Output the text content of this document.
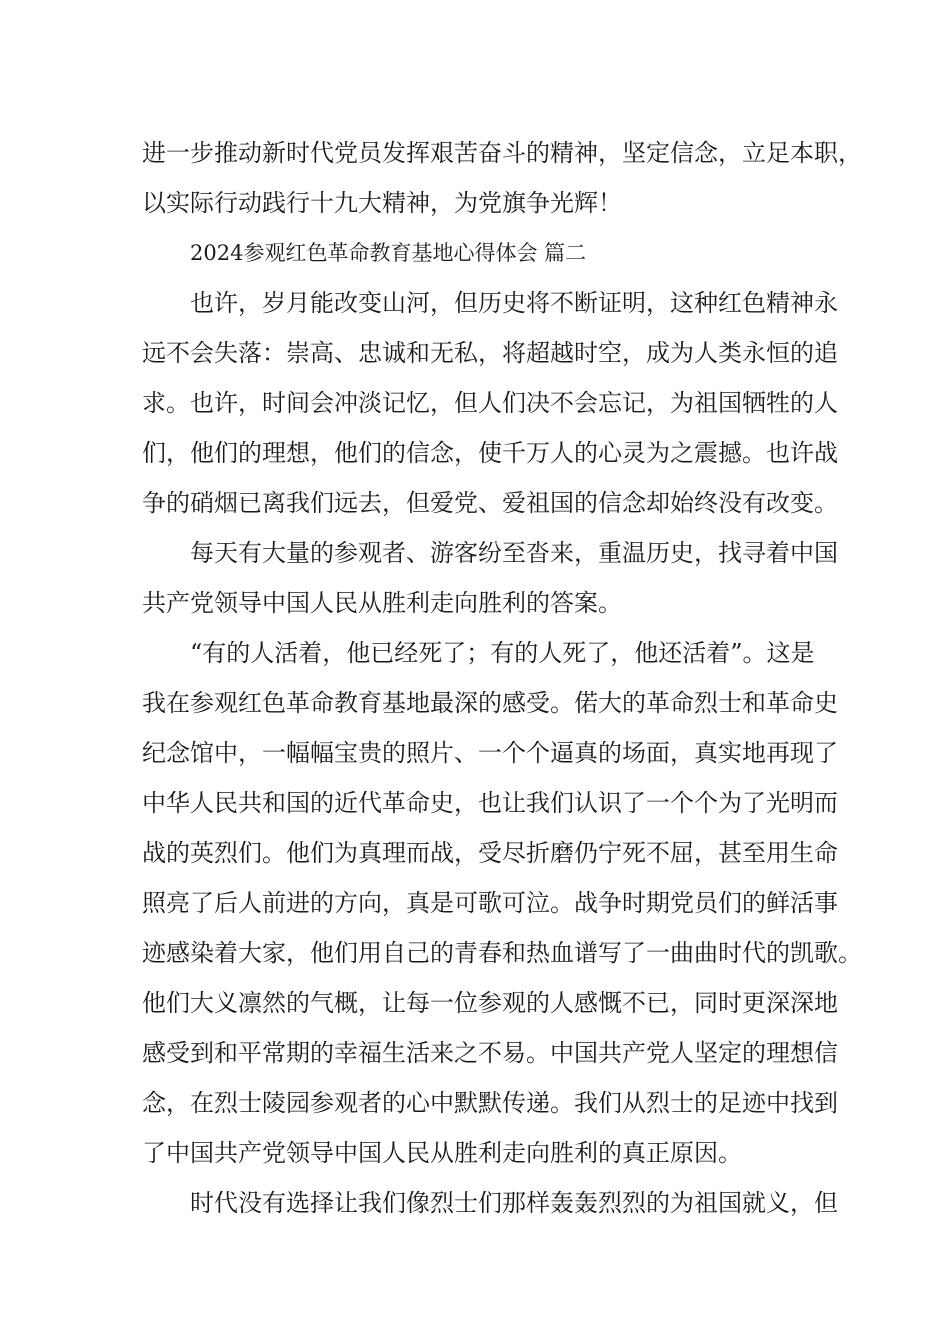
进一步推动新时代党员发挥艰苦奋斗的精神，坚定信念，立足本职，
以实际行动践行十九大精神，为党旗争光辉！
2024参观红色革命教育基地心得体会 篇二
也许，岁月能改变山河，但历史将不断证明，这种红色精神永
远不会失落：崇高、忠诚和无私，将超越时空，成为人类永恒的追
求。也许，时间会冲淡记忆，但人们决不会忘记，为祖国牺牲的人
们，他们的理想，他们的信念，使千万人的心灵为之震撼。也许战
争的硝烟已离我们远去，但爱党、爱祖国的信念却始终没有改变。
每天有大量的参观者、游客纷至沓来，重温历史，找寻着中国
共产党领导中国人民从胜利走向胜利的答案。
“有的人活着，他已经死了；有的人死了，他还活着”。这是
我在参观红色革命教育基地最深的感受。偌大的革命烈士和革命史
纪念馆中，一幅幅宝贵的照片、一个个逼真的场面，真实地再现了
中华人民共和国的近代革命史，也让我们认识了一个个为了光明而
战的英烈们。他们为真理而战，受尽折磨仍宁死不屈，甚至用生命
照亮了后人前进的方向，真是可歌可泣。战争时期党员们的鲜活事
迹感染着大家，他们用自己的青春和热血谱写了一曲曲时代的凯歌。
他们大义凛然的气概，让每一位参观的人感慨不已，同时更深深地
感受到和平常期的幸福生活来之不易。中国共产党人坚定的理想信
念，在烈士陵园参观者的心中默默传递。我们从烈士的足迹中找到
了中国共产党领导中国人民从胜利走向胜利的真正原因。
时代没有选择让我们像烈士们那样轰轰烈烈的为祖国就义，但
